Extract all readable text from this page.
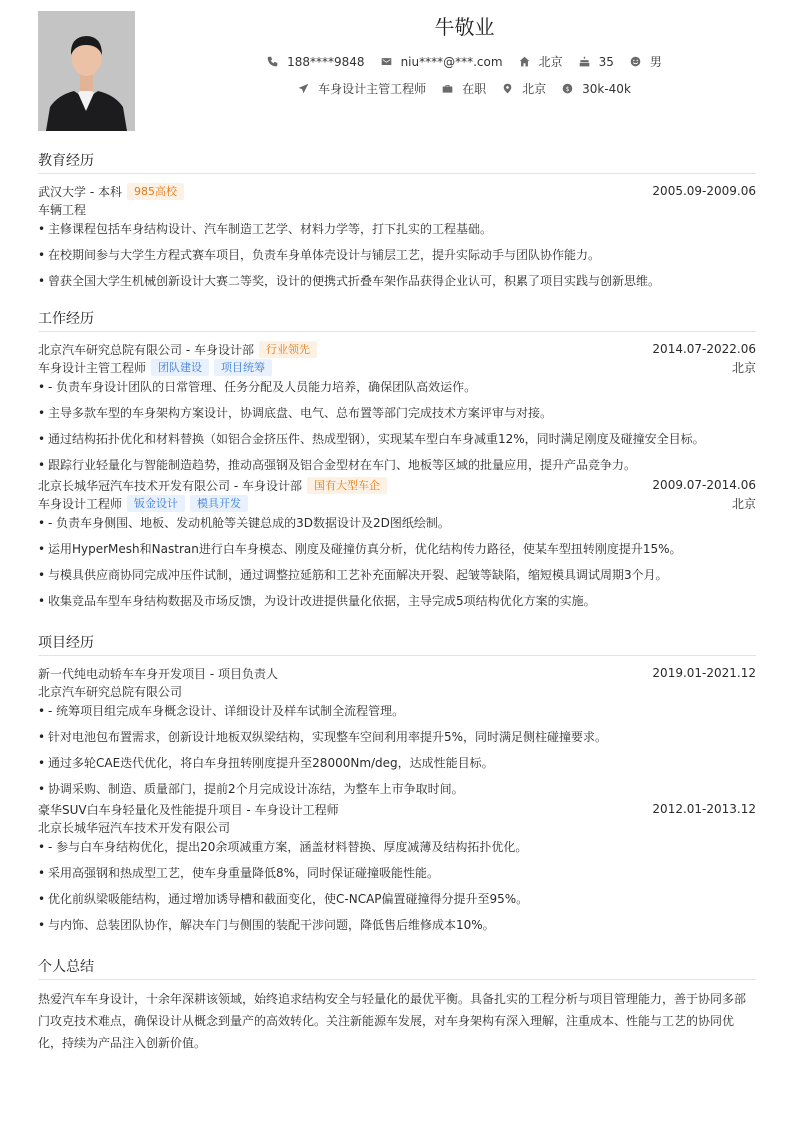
牛敬业
188****9848	niu****@***.com	北京	35	男
车身设计主管工程师	在职	北京 $ 30k-40k
教育经历
武汉大学 - 本科	985高校	2005.09-2009.06
车辆工程
• 主修课程包括车身结构设计、汽车制造工艺学、材料力学等，打下扎实的工程基础。
• 在校期间参与大学生方程式赛车项目，负责车身单体壳设计与铺层工艺，提升实际动手与团队协作能力。
• 曾获全国大学生机械创新设计大赛二等奖，设计的便携式折叠车架作品获得企业认可，积累了项目实践与创新思维。
工作经历
北京汽车研究总院有限公司 - 车身设计部	行业领先	2014.07-2022.06
车身设计主管工程师	团队建设	项目统筹	北京
• - 负责车身设计团队的日常管理、任务分配及人员能力培养，确保团队高效运作。
• 主导多款车型的车身架构方案设计，协调底盘、电气、总布置等部门完成技术方案评审与对接。
• 通过结构拓扑优化和材料替换（如铝合金挤压件、热成型钢），实现某车型白车身减重12%，同时满足刚度及碰撞安全目标。
• 跟踪行业轻量化与智能制造趋势，推动高强钢及铝合金型材在车门、地板等区域的批量应用，提升产品竞争力。
北京长城华冠汽车技术开发有限公司 - 车身设计部	国有大型车企	2009.07-2014.06
车身设计工程师	钣金设计	模具开发	北京
• - 负责车身侧围、地板、发动机舱等关键总成的3D数据设计及2D图纸绘制。
• 运用HyperMesh和Nastran进行白车身模态、刚度及碰撞仿真分析，优化结构传力路径，使某车型扭转刚度提升15%。
• 与模具供应商协同完成冲压件试制，通过调整拉延筋和工艺补充面解决开裂、起皱等缺陷，缩短模具调试周期3个月。
• 收集竞品车型车身结构数据及市场反馈，为设计改进提供量化依据，主导完成5项结构优化方案的实施。
项目经历
新一代纯电动轿车车身开发项目 - 项目负责人	2019.01-2021.12
北京汽车研究总院有限公司
• - 统筹项目组完成车身概念设计、详细设计及样车试制全流程管理。
• 针对电池包布置需求，创新设计地板双纵梁结构，实现整车空间利用率提升5%，同时满足侧柱碰撞要求。
• 通过多轮CAE迭代优化，将白车身扭转刚度提升至28000Nm/deg，达成性能目标。
• 协调采购、制造、质量部门，提前2个月完成设计冻结，为整车上市争取时间。
豪华SUV白车身轻量化及性能提升项目 - 车身设计工程师	2012.01-2013.12
北京长城华冠汽车技术开发有限公司
• - 参与白车身结构优化，提出20余项减重方案，涵盖材料替换、厚度减薄及结构拓扑优化。
• 采用高强钢和热成型工艺，使车身重量降低8%，同时保证碰撞吸能性能。
• 优化前纵梁吸能结构，通过增加诱导槽和截面变化，使C-NCAP偏置碰撞得分提升至95%。
• 与内饰、总装团队协作，解决车门与侧围的装配干涉问题，降低售后维修成本10%。
个人总结
热爱汽车车身设计，十余年深耕该领域，始终追求结构安全与轻量化的最优平衡。具备扎实的工程分析与项目管理能力，善于协同多部门攻克技术难点，确保设计从概念到量产的高效转化。关注新能源车发展，对车身架构有深入理解，注重成本、性能与工艺的协同优化，持续为产品注入创新价值。
